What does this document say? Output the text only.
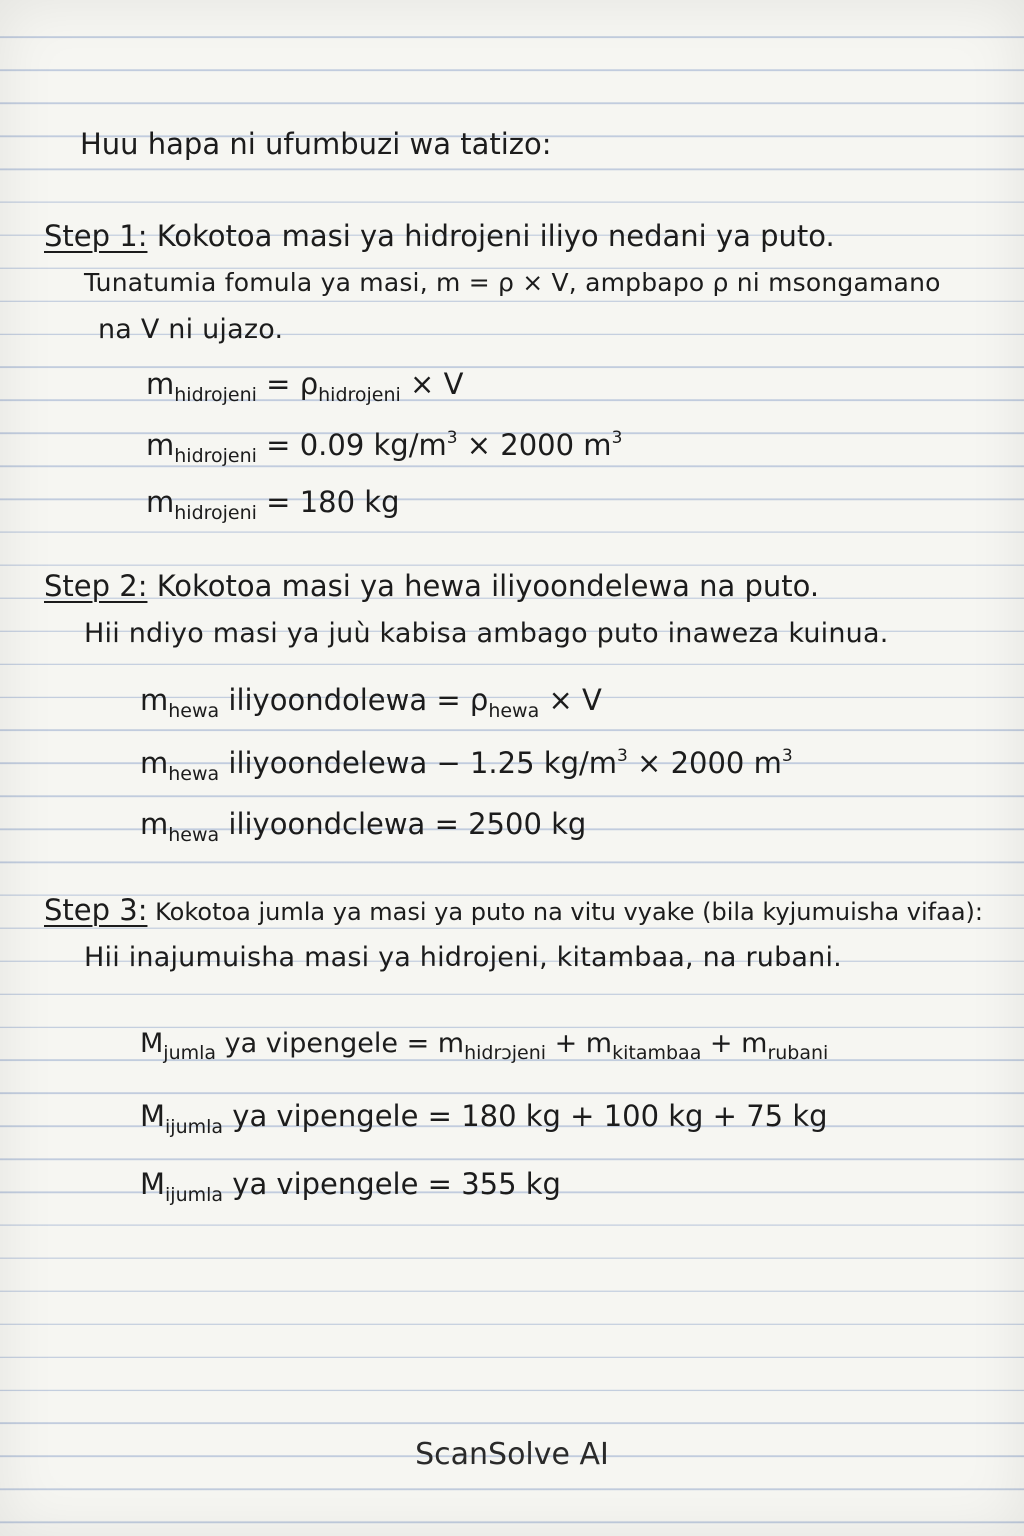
Huu hapa ni ufumbuzi wa tatizo:
Step 1: Kokotoa masi ya hidrojeni iliyo nedani ya puto.
Tunatumia fomula ya masi, m = ρ × V, ampbapo ρ ni msongamano
na V ni ujazo.
$m_{hidrojeni} = \rho_{hidrojeni} \times V$
$m_{hidrojeni} = 0.09$ $kg/m^3 \times 2000$ $m^3$
$m_{hidrojeni} = 180$ kg
Step 2: Kokotoa masi ya hewa iliyoondelewa na puto.
Hii ndiyo masi ya juù kabisa ambago puto inaweza kuinua.
$m_{hewa}$ iliyoondolewa = $\rho_{hewa} \times V$
$m_{hewa}$ iliyoondelewa − 1.25 $kg/m^3 \times 2000$ $m^3$
$m_{hewa}$ iliyoondclewa = 2500 kg
Step 3: Kokotoa jumla ya masi ya puto na vitu vyake (bila kyjumuisha vifaa):
Hii inajumuisha masi ya hidrojeni, kitambaa, na rubani.
$M_{jumla}$ ya vipengele = $m_{hidrɔjeni} + m_{kitambaa} + m_{rubani}$
$M_{ijumla}$ ya vipengele = 180 kg + 100 kg + 75 kg
$M_{ijumla}$ ya vipengele = 355 kg
ScanSolve AI
